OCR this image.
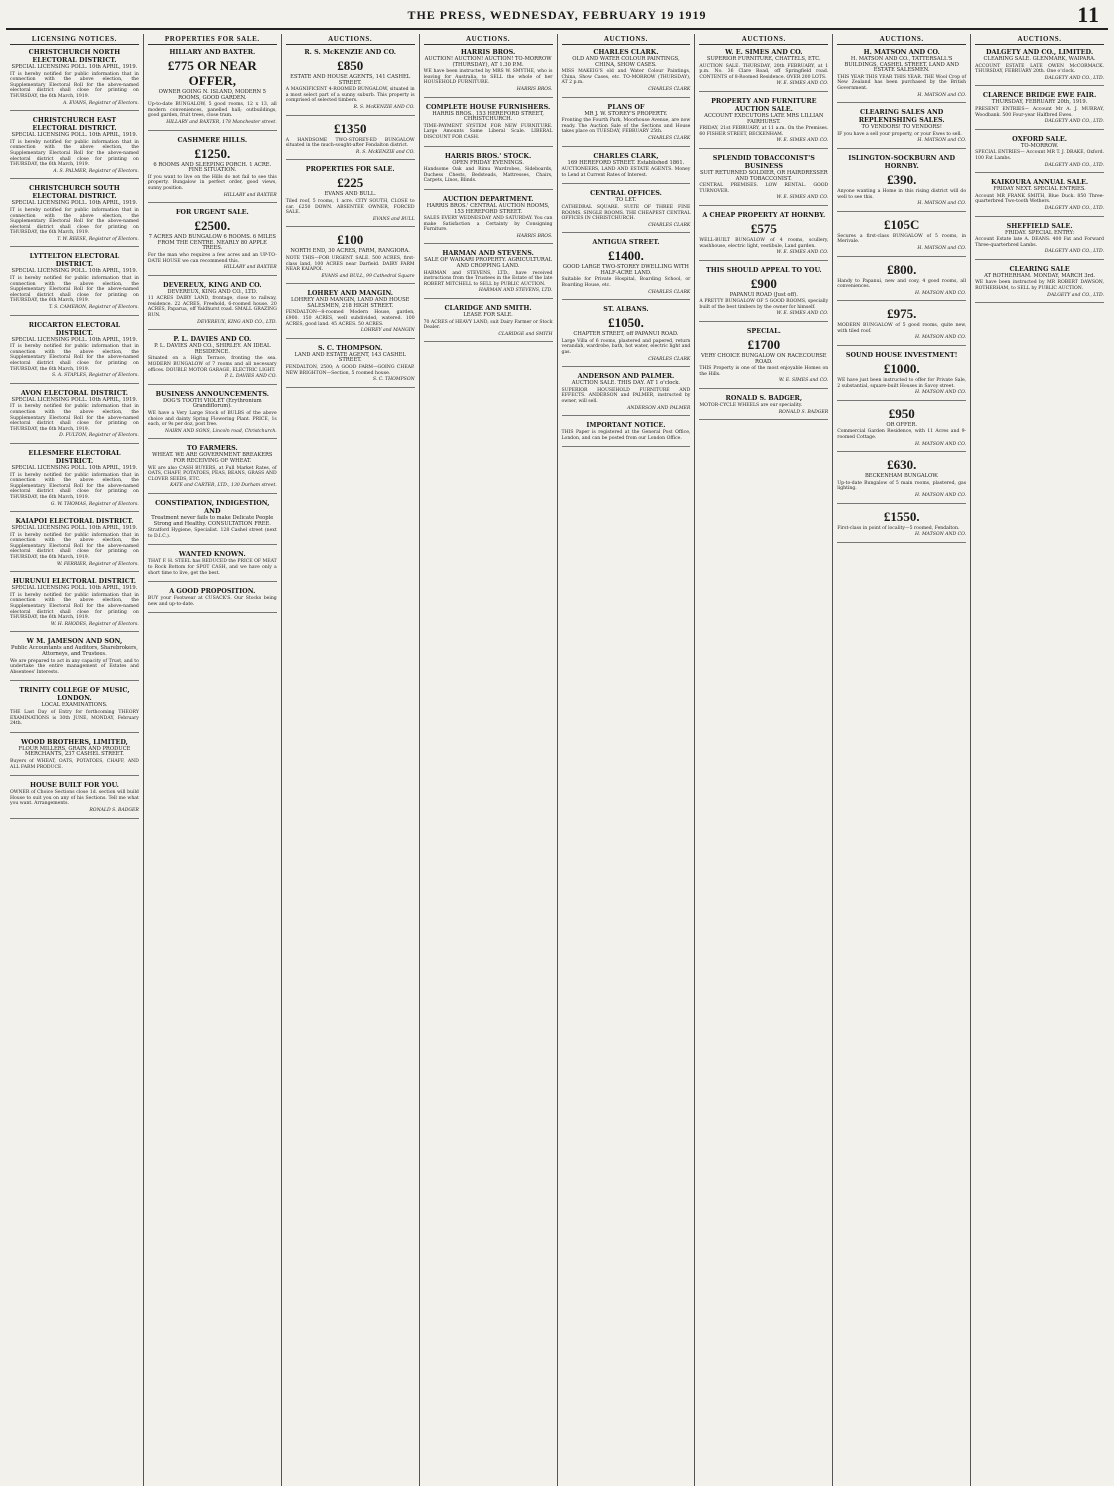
THE PRESS, WEDNESDAY, FEBRUARY 19 1919	11
LICENSING NOTICES.
CHRISTCHURCH NORTH ELECTORAL DISTRICT.
SPECIAL LICENSING POLL. 10th APRIL, 1919.
IT is hereby notified for public information that in connection with the above election, the Supplementary Electoral Roll for the above-named electoral district shall close for printing on THURSDAY, the 6th March, 1919.
A. EVANS, Registrar of Electors.
CHRISTCHURCH EAST ELECTORAL DISTRICT.
SPECIAL LICENSING POLL. 10th APRIL, 1919.
IT is hereby notified for public information that in connection with the above election, the Supplementary Electoral Roll for the above-named electoral district shall close for printing on THURSDAY, the 6th March, 1919.
A. S. PALMER, Registrar of Electors.
CHRISTCHURCH SOUTH ELECTORAL DISTRICT.
SPECIAL LICENSING POLL. 10th APRIL, 1919.
IT is hereby notified for public information that in connection with the above election, the Supplementary Electoral Roll for the above-named electoral district shall close for printing on THURSDAY, the 6th March, 1919.
T. W. REESE, Registrar of Electors.
LYTTELTON ELECTORAL DISTRICT.
SPECIAL LICENSING POLL. 10th APRIL, 1919.
IT is hereby notified for public information that in connection with the above election, the Supplementary Electoral Roll for the above-named electoral district shall close for printing on THURSDAY, the 6th March, 1919.
T. S. CAMERON, Registrar of Electors.
RICCARTON ELECTORAL DISTRICT.
SPECIAL LICENSING POLL. 10th APRIL, 1919.
IT is hereby notified for public information that in connection with the above election, the Supplementary Electoral Roll for the above-named electoral district shall close for printing on THURSDAY, the 6th March, 1919.
S. A. STAPLES, Registrar of Electors.
AVON ELECTORAL DISTRICT.
SPECIAL LICENSING POLL. 10th APRIL, 1919.
IT is hereby notified for public information that in connection with the above election, the Supplementary Electoral Roll for the above-named electoral district shall close for printing on THURSDAY, the 6th March, 1919.
D. FULTON, Registrar of Electors.
ELLESMERE ELECTORAL DISTRICT.
SPECIAL LICENSING POLL. 10th APRIL, 1919.
IT is hereby notified for public information that in connection with the above election, the Supplementary Electoral Roll for the above-named electoral district shall close for printing on THURSDAY, the 6th March, 1919.
G. W. THOMAS, Registrar of Electors.
KAIAPOI ELECTORAL DISTRICT.
SPECIAL LICENSING POLL. 10th APRIL, 1919.
IT is hereby notified for public information that in connection with the above election, the Supplementary Electoral Roll for the above-named electoral district shall close for printing on THURSDAY, the 6th March, 1919.
W. FERRIER, Registrar of Electors.
HURUNUI ELECTORAL DISTRICT.
SPECIAL LICENSING POLL. 10th APRIL, 1919.
IT is hereby notified for public information that in connection with the above election, the Supplementary Electoral Roll for the above-named electoral district shall close for printing on THURSDAY, the 6th March, 1919.
W. H. RHODES, Registrar of Electors.
W M. JAMESON AND SON,
Public Accountants and Auditors, Sharebrokers, Attorneys, and Trustees.
We are prepared to act in any capacity of Trust, and to undertake the entire management of Estates and Absentees' Interests.
TRINITY COLLEGE OF MUSIC, LONDON.
LOCAL EXAMINATIONS.
THE Last Day of Entry for forthcoming THEORY EXAMINATIONS is 30th JUNE, MONDAY, February 24th.
WOOD BROTHERS, LIMITED,
FLOUR MILLERS, GRAIN AND PRODUCE MERCHANTS, 237 CASHEL STREET.
Buyers of WHEAT, OATS, POTATOES, CHAFF, AND ALL FARM PRODUCE.
HOUSE BUILT FOR YOU.
OWNER of Choice Sections close 1d. section will build House to suit you on any of his Sections. Tell me what you want. Arrangements.
RONALD S. BADGER
PROPERTIES FOR SALE.
HILLARY AND BAXTER.
£775 OR NEAR OFFER,
OWNER GOING N. ISLAND, MODERN 5 ROOMS, GOOD GARDEN.
Up-to-date BUNGALOW, 5 good rooms, 12 x 13, all modern conveniences, panelled hall; outbuildings, good garden, fruit trees, close tram.
HILLARY and BAXTER, 178 Manchester street.
CASHMERE HILLS.
£1250.
6 ROOMS AND SLEEPING PORCH. 1 ACRE. FINE SITUATION.
If you want to live on the Hills do not fail to see this property. Bungalow in perfect order, good views, sunny position.
HILLARY and BAXTER
FOR URGENT SALE.
£2500.
7 ACRES AND BUNGALOW 6 ROOMS. 6 MILES FROM THE CENTRE. NEARLY 80 APPLE TREES.
For the man who requires a few acres and an UP-TO-DATE HOUSE we can recommend this.
HILLARY and BAXTER
DEVEREUX, KING AND CO.
DEVEREUX, KING AND CO., LTD.
11 ACRES DAIRY LAND, frontage, close to railway, residence. 22 ACRES, Freehold, 6-roomed house. 20 ACRES, Paparua, off Yaldhurst road. SMALL GRAZING RUN.
DEVEREUX, KING AND CO., LTD.
P. L. DAVIES AND CO.
P. L. DAVIES AND CO., SHIRLEY. AN IDEAL RESIDENCE.
Situated on a High Terrace, fronting the sea. MODERN BUNGALOW of 7 rooms and all necessary offices. DOUBLE MOTOR GARAGE, ELECTRIC LIGHT.
P. L. DAVIES AND CO.
BUSINESS ANNOUNCEMENTS.
DOG'S TOOTH VIOLET (Erythronium Grandiflorum).
WE have a Very Large Stock of BULBS of the above choice and dainty Spring Flowering Plant. PRICE, 1s each, or 9s per doz, post free.
NAIRN AND SONS, Lincoln road, Christchurch.
TO FARMERS.
WHEAT. WE ARE GOVERNMENT BREAKERS FOR RECEIVING OF WHEAT.
WE are also CASH BUYERS, at Full Market Rates, of OATS, CHAFF, POTATOES, PEAS, BEANS, GRASS AND CLOVER SEEDS, ETC.
KATE and CARTER, LTD., 130 Durham street.
CONSTIPATION, INDIGESTION, AND
Treatment never fails to make Delicate People Strong and Healthy. CONSULTATION FREE.
Stratford Hygiene, Specialist. 128 Cashel street (next to D.I.C.).
WANTED KNOWN.
THAT F. H. STEEL has REDUCED the PRICE OF MEAT to Rock Bottom for SPOT CASH, and we have only a short time to live, get the best.
A GOOD PROPOSITION.
BUY your Footwear at CUSACK'S. Our Stocks being new and up-to-date.
AUCTIONS.
R. S. McKENZIE AND CO.
£850
ESTATE AND HOUSE AGENTS, 141 CASHEL STREET.
A MAGNIFICENT 4-ROOMED BUNGALOW, situated in a most select part of a sunny suburb. This property is comprised of selected timbers.
R. S. McKENZIE AND CO.
£1350
A HANDSOME TWO-STOREY-ED BUNGALOW situated in the much-sought-after Fendalton district.
R. S. McKENZIE and CO.
PROPERTIES FOR SALE.
£225
EVANS AND BULL.
Tiled roof, 5 rooms, 1 acre. CITY SOUTH, CLOSE to car. £250 DOWN. ABSENTEE OWNER, FORCED SALE.
EVANS and BULL
£100
NORTH END, 30 ACRES, FARM, RANGIORA.
NOTE THIS—FOR URGENT SALE. 500 ACRES, first-class land, 100 ACRES near Darfield. DAIRY FARM NEAR KAIAPOI.
EVANS and BULL, 99 Cathedral Square
LOHREY AND MANGIN.
LOHREY AND MANGIN, LAND AND HOUSE SALESMEN, 218 HIGH STREET.
FENDALTON—8-roomed Modern House, garden, £900. 150 ACRES, well subdivided, watered. 100 ACRES, good land. 45 ACRES. 50 ACRES.
LOHREY and MANGIN
S. C. THOMPSON.
LAND AND ESTATE AGENT, 143 CASHEL STREET.
FENDALTON, 2500; A GOOD FARM—GOING CHEAP. NEW BRIGHTON—Section, 5 roomed house.
S. C. THOMPSON
AUCTIONS.
HARRIS BROS.
AUCTION! AUCTION! AUCTION! TO-MORROW (THURSDAY), AT 1.30 P.M.
WE have been instructed by MRS W. SMYTHE, who is leaving for Australia, to SELL the whole of her HOUSEHOLD FURNITURE.
HARRIS BROS.
COMPLETE HOUSE FURNISHERS.
HARRIS BROS., 153 HEREFORD STREET, CHRISTCHURCH.
TIME-PAYMENT SYSTEM FOR NEW FURNITURE. Large Amounts Same Liberal Scale. LIBERAL DISCOUNT FOR CASH.
HARRIS BROS.' STOCK.
OPEN FRIDAY EVENINGS.
Handsome Oak and Rimu Wardrobes, Sideboards, Duchess Chests, Bedsteads, Mattresses, Chairs, Carpets, Linos, Blinds.
AUCTION DEPARTMENT.
HARRIS BROS.' CENTRAL AUCTION ROOMS, 153 HEREFORD STREET.
SALES EVERY WEDNESDAY AND SATURDAY. You can make Satisfaction a Certainty by Consigning Furniture.
HARRIS BROS.
HARMAN AND STEVENS.
SALE OF WAIKARI PROPERTY. AGRICULTURAL AND CROPPING LAND.
HARMAN and STEVENS, LTD., have received instructions from the Trustees in the Estate of the late ROBERT MITCHELL to SELL by PUBLIC AUCTION.
HARMAN AND STEVENS, LTD.
CLARIDGE AND SMITH.
LEASE FOR SALE.
70 ACRES of HEAVY LAND, suit Dairy Farmer or Stock Dealer.
CLARIDGE and SMITH
AUCTIONS.
CHARLES CLARK.
OLD AND WATER COLOUR PAINTINGS, CHINA, SHOW CASES.
MISS MAKEIG'S old and Water Colour Paintings, China, Show Cases, etc. TO-MORROW (THURSDAY), AT 2 p.m.
CHARLES CLARK
PLANS OF
MR J. W. STOREY'S PROPERTY.
Fronting the Fourth Park, Moorhouse Avenue, are now ready. The Auction Sale of the Sections and House takes place on TUESDAY, FEBRUARY 25th.
CHARLES CLARK
CHARLES CLARK,
169 HEREFORD STREET. Established 1861.
AUCTIONEERS, LAND AND ESTATE AGENTS. Money to Lend at Current Rates of Interest.
CENTRAL OFFICES.
TO LET.
CATHEDRAL SQUARE. SUITE OF THREE FINE ROOMS. SINGLE ROOMS. THE CHEAPEST CENTRAL OFFICES IN CHRISTCHURCH.
CHARLES CLARK
ANTIGUA STREET.
£1400.
GOOD LARGE TWO-STOREY DWELLING WITH HALF-ACRE LAND.
Suitable for Private Hospital, Boarding School, or Boarding House, etc.
CHARLES CLARK
ST. ALBANS.
£1050.
CHAPTER STREET, off PAPANUI ROAD.
Large Villa of 6 rooms, plastered and papered, return verandah, wardrobe, bath, hot water, electric light and gas.
CHARLES CLARK
ANDERSON AND PALMER.
AUCTION SALE. THIS DAY. AT 1 o'clock.
SUPERIOR HOUSEHOLD FURNITURE AND EFFECTS. ANDERSON and PALMER, instructed by owner, will sell.
ANDERSON AND PALMER
IMPORTANT NOTICE.
THIS Paper is registered at the General Post Office, London, and can be posted from our London Office.
AUCTIONS.
W. E. SIMES AND CO.
SUPERIOR FURNITURE, CHATTELS, ETC.
AUCTION SALE. THURSDAY, 20th FEBRUARY, at 1 p.m. No. 36 Clare Road, off Springfield road. CONTENTS of 8-Roomed Residence. OVER 200 LOTS.
W. E. SIMES AND CO.
PROPERTY AND FURNITURE AUCTION SALE.
ACCOUNT EXECUTORS LATE MRS LILLIAN FAIRHURST.
FRIDAY, 21st FEBRUARY, at 11 a.m. On the Premises. 60 FISHER STREET, BECKENHAM.
W. E. SIMES AND CO.
SPLENDID TOBACCONIST'S BUSINESS
SUIT RETURNED SOLDIER, OR HAIRDRESSER AND TOBACCONIST.
CENTRAL PREMISES. LOW RENTAL. GOOD TURNOVER.
W. E. SIMES AND CO.
A CHEAP PROPERTY AT HORNBY.
£575
WELL-BUILT BUNGALOW of 4 rooms, scullery, washhouse, electric light, vestibule, Land garden.
W. E. SIMES AND CO.
THIS SHOULD APPEAL TO YOU.
£900
PAPANUI ROAD (Just off).
A PRETTY BUNGALOW OF 5 GOOD ROOMS, specially built of the best timbers by the owner for himself.
W. E. SIMES AND CO.
SPECIAL.
£1700
VERY CHOICE BUNGALOW ON RACECOURSE ROAD.
THIS Property is one of the most enjoyable Homes on the Hills.
W. E. SIMES and CO.
RONALD S. BADGER,
MOTOR-CYCLE WHEELS are our speciality.
RONALD S. BADGER
AUCTIONS.
H. MATSON AND CO.
H. MATSON AND CO., TATTERSALL'S BUILDINGS, CASHEL STREET. LAND AND ESTATE SALESMEN.
THIS YEAR THIS YEAR THIS YEAR. THE Wool Crop of New Zealand has been purchased by the British Government.
H. MATSON and CO.
CLEARING SALES AND REPLENISHING SALES.
TO VENDORS! TO VENDORS!
IF you have a sell your property, or your Ewes to sell.
H. MATSON and CO.
ISLINGTON-SOCKBURN AND HORNBY.
£390.
Anyone wanting a Home in this rising district will do well to see this.
H. MATSON and CO.
£105C
Secures a first-class BUNGALOW of 5 rooms, in Merivale.
H. MATSON and CO.
£800.
Handy to Papanui, new and cosy, 4 good rooms, all conveniences.
H. MATSON AND CO.
£975.
MODERN BUNGALOW of 5 good rooms, quite new, with tiled roof.
H. MATSON AND CO.
SOUND HOUSE INVESTMENT!
£1000.
WE have just been instructed to offer for Private Sale, 2 substantial, square-built Houses in Savoy street.
H. MATSON AND CO.
£950
OR OFFER.
Commercial Garden Residence, with 11 Acres and 9-roomed Cottage.
H. MATSON AND CO.
£630.
BECKENHAM BUNGALOW.
Up-to-date Bungalow of 5 main rooms, plastered, gas lighting.
H. MATSON AND CO.
£1550.
First-class in point of locality—5 roomed, Fendalton.
H. MATSON AND CO.
AUCTIONS.
DALGETY AND CO., LIMITED.
CLEARING SALE. GLENMARK, WAIPARA.
ACCOUNT ESTATE LATE OWEN McCORMACK. THURSDAY, FEBRUARY 20th. One o'clock.
DALGETY AND CO., LTD.
CLARENCE BRIDGE EWE FAIR.
THURSDAY, FEBRUARY 20th, 1919.
PRESENT ENTRIES— Account Mr A. J. MURRAY, Woodbank. 500 Four-year Halfbred Ewes.
DALGETY AND CO., LTD.
OXFORD SALE.
TO-MORROW.
SPECIAL ENTRIES— Account MR T. J. DRAKE, Oxford. 100 Fat Lambs.
DALGETY AND CO., LTD.
KAIKOURA ANNUAL SALE.
FRIDAY NEXT. SPECIAL ENTRIES.
Account MR FRANK SMITH, Blue Duck. 850 Three-quarterbred Two-tooth Wethers.
DALGETY AND CO., LTD.
SHEFFIELD SALE.
FRIDAY. SPECIAL ENTRY:
Account Estate late A. DEANS. 400 Fat and Forward Three-quarterbred Lambs.
DALGETY AND CO., LTD.
CLEARING SALE
AT ROTHERHAM. MONDAY, MARCH 3rd.
WE have been instructed by MR ROBERT DAWSON, ROTHERHAM, to SELL by PUBLIC AUCTION.
DALGETY and CO., LTD.
